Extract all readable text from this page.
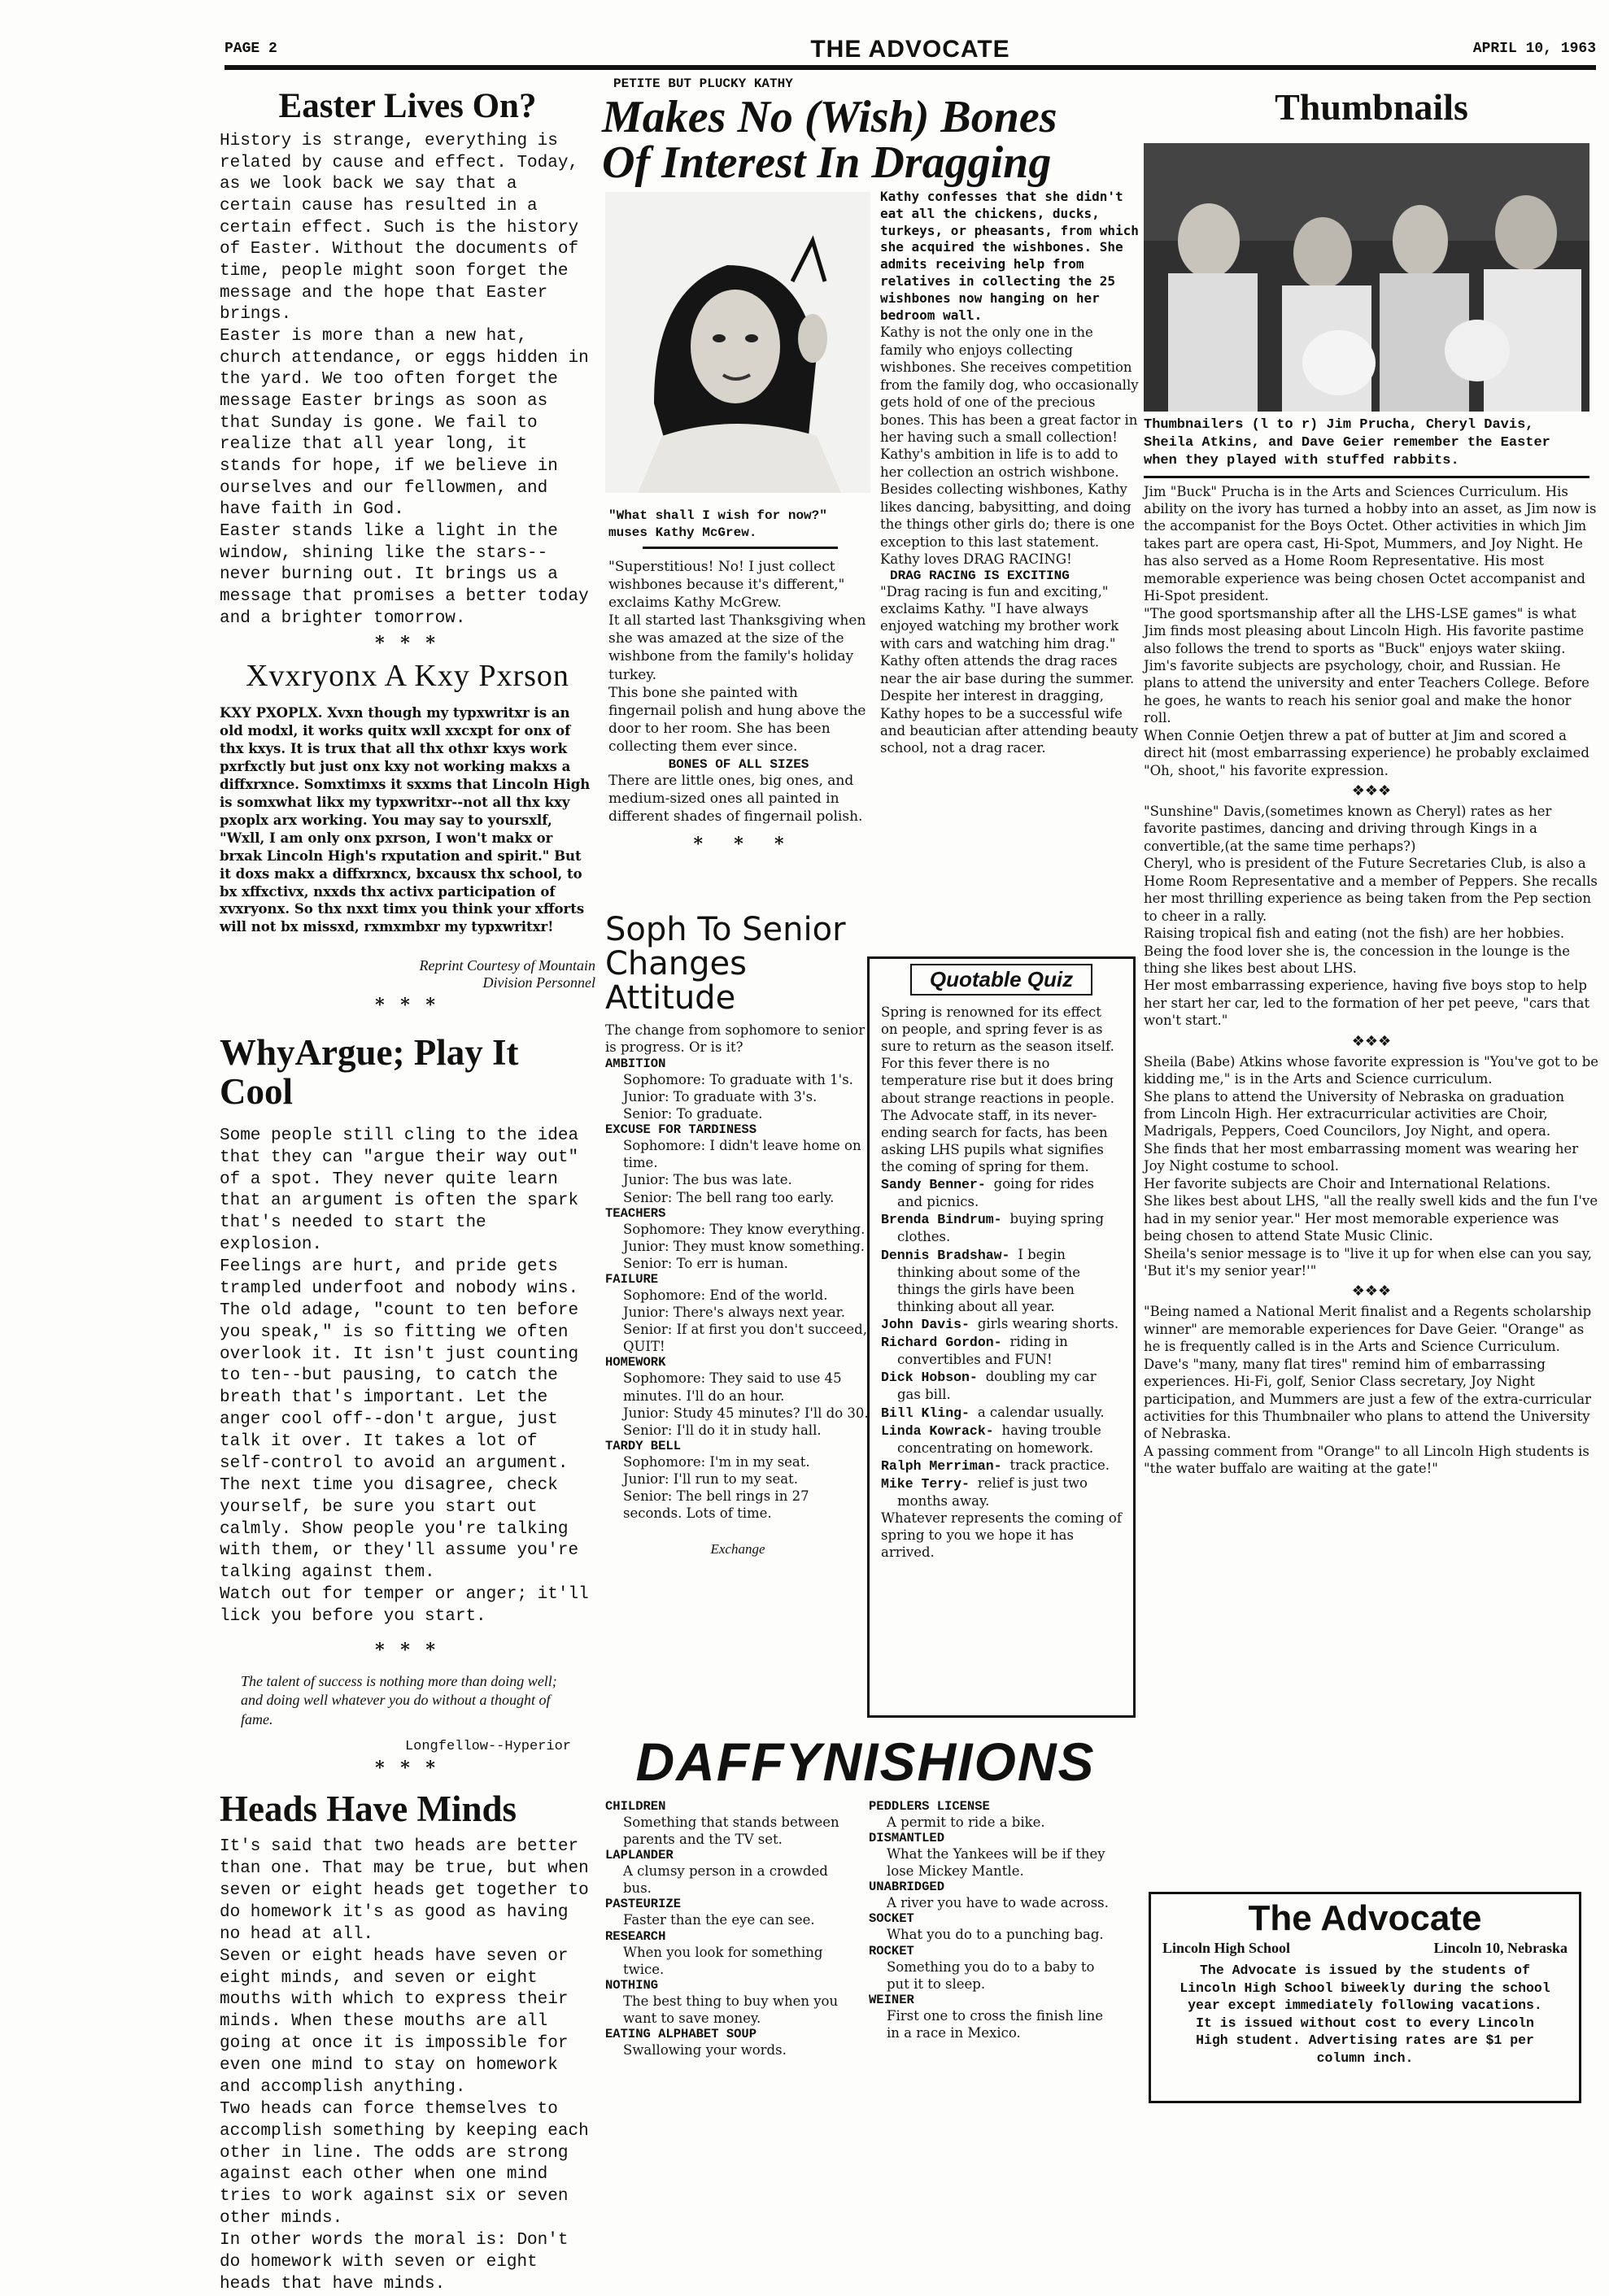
PAGE 2	THE ADVOCATE	APRIL 10, 1963
Easter Lives On?

History is strange, everything is related by cause and effect. Today, as we look back we say that a certain cause has resulted in a certain effect. Such is the history of Easter. Without the documents of time, people might soon forget the message and the hope that Easter brings.
Easter is more than a new hat, church attendance, or eggs hidden in the yard. We too often forget the message Easter brings as soon as that Sunday is gone. We fail to realize that all year long, it stands for hope, if we believe in ourselves and our fellowmen, and have faith in God.
Easter stands like a light in the window, shining like the stars--never burning out. It brings us a message that promises a better today and a brighter tomorrow.

* * *
Xvxryonx A Kxy Pxrson

KXY PXOPLX. Xvxn though my typxwritxr is an old modxl, it works quitx wxll xxcxpt for onx of thx kxys. It is trux that all thx othxr kxys work pxrfxctly but just onx kxy not working makxs a diffxrxnce. Somxtimxs it sxxms that Lincoln High is somxwhat likx my typxwritxr--not all thx kxy pxoplx arx working. You may say to yoursxlf, "Wxll, I am only onx pxrson, I won't makx or brxak Lincoln High's rxputation and spirit." But it doxs makx a diffxrxncx, bxcausx thx school, to bx xffxctivx, nxxds thx activx participation of xvxryonx. So thx nxxt timx you think your xfforts will not bx missxd, rxmxmbxr my typxwritxr!

Reprint Courtesy of Mountain
Division Personnel
* * *
WhyArgue; Play It Cool

Some people still cling to the idea that they can "argue their way out" of a spot. They never quite learn that an argument is often the spark that's needed to start the explosion.
Feelings are hurt, and pride gets trampled underfoot and nobody wins.
The old adage, "count to ten before you speak," is so fitting we often overlook it. It isn't just counting to ten--but pausing, to catch the breath that's important. Let the anger cool off--don't argue, just talk it over. It takes a lot of self-control to avoid an argument.
The next time you disagree, check yourself, be sure you start out calmly. Show people you're talking with them, or they'll assume you're talking against them.
Watch out for temper or anger; it'll lick you before you start.

* * *

The talent of success is nothing more than doing well; and doing well whatever you do without a thought of fame.

Longfellow--Hyperior
* * *
Heads Have Minds

It's said that two heads are better than one. That may be true, but when seven or eight heads get together to do homework it's as good as having no head at all.
Seven or eight heads have seven or eight minds, and seven or eight mouths with which to express their minds. When these mouths are all going at once it is impossible for even one mind to stay on homework and accomplish anything.
Two heads can force themselves to accomplish something by keeping each other in line. The odds are strong against each other when one mind tries to work against six or seven other minds.
In other words the moral is: Don't do homework with seven or eight heads that have minds.

PETITE BUT PLUCKY KATHY
Makes No (Wish) Bones
Of Interest In Dragging

"What shall I wish for now?" muses Kathy McGrew.

"Superstitious! No! I just collect wishbones because it's different," exclaims Kathy McGrew.
It all started last Thanksgiving when she was amazed at the size of the wishbone from the family's holiday turkey.
This bone she painted with fingernail polish and hung above the door to her room. She has been collecting them ever since.

BONES OF ALL SIZES

There are little ones, big ones, and medium-sized ones all painted in different shades of fingernail polish.

*     *     *

Kathy confesses that she didn't eat all the chickens, ducks, turkeys, or pheasants, from which she acquired the wishbones. She admits receiving help from relatives in collecting the 25 wishbones now hanging on her bedroom wall.

Kathy is not the only one in the family who enjoys collecting wishbones. She receives competition from the family dog, who occasionally gets hold of one of the precious bones. This has been a great factor in her having such a small collection!
Kathy's ambition in life is to add to her collection an ostrich wishbone.
Besides collecting wishbones, Kathy likes dancing, babysitting, and doing the things other girls do; there is one exception to this last statement. Kathy loves DRAG RACING!

DRAG RACING IS EXCITING

"Drag racing is fun and exciting," exclaims Kathy. "I have always enjoyed watching my brother work with cars and watching him drag."
Kathy often attends the drag races near the air base during the summer.
Despite her interest in dragging, Kathy hopes to be a successful wife and beautician after attending beauty school, not a drag racer.

Soph To Senior
Changes Attitude

The change from sophomore to senior is progress. Or is it?

AMBITION

Sophomore: To graduate with 1's.

Junior: To graduate with 3's.

Senior: To graduate.

EXCUSE FOR TARDINESS

Sophomore: I didn't leave home on time.

Junior: The bus was late.

Senior: The bell rang too early.

TEACHERS

Sophomore: They know everything.

Junior: They must know something.

Senior: To err is human.

FAILURE

Sophomore: End of the world.

Junior: There's always next year.

Senior: If at first you don't succeed, QUIT!

HOMEWORK

Sophomore: They said to use 45 minutes. I'll do an hour.

Junior: Study 45 minutes? I'll do 30.

Senior: I'll do it in study hall.

TARDY BELL

Sophomore: I'm in my seat.

Junior: I'll run to my seat.

Senior: The bell rings in 27 seconds. Lots of time.

Exchange
Quotable Quiz

Spring is renowned for its effect on people, and spring fever is as sure to return as the season itself. For this fever there is no temperature rise but it does bring about strange reactions in people.
The Advocate staff, in its never-ending search for facts, has been asking LHS pupils what signifies the coming of spring for them.

Sandy Benner- going for rides and picnics.

Brenda Bindrum- buying spring clothes.

Dennis Bradshaw- I begin thinking about some of the things the girls have been thinking about all year.

John Davis- girls wearing shorts.

Richard Gordon- riding in convertibles and FUN!

Dick Hobson- doubling my car gas bill.

Bill Kling- a calendar usually.

Linda Kowrack- having trouble concentrating on homework.

Ralph Merriman- track practice.

Mike Terry- relief is just two months away.

Whatever represents the coming of spring to you we hope it has arrived.

Thumbnails

Thumbnailers (l to r) Jim Prucha, Cheryl Davis, Sheila Atkins, and Dave Geier remember the Easter when they played with stuffed rabbits.

Jim "Buck" Prucha is in the Arts and Sciences Curriculum. His ability on the ivory has turned a hobby into an asset, as Jim now is the accompanist for the Boys Octet. Other activities in which Jim takes part are opera cast, Hi-Spot, Mummers, and Joy Night. He has also served as a Home Room Representative. His most memorable experience was being chosen Octet accompanist and Hi-Spot president.
"The good sportsmanship after all the LHS-LSE games" is what Jim finds most pleasing about Lincoln High. His favorite pastime also follows the trend to sports as "Buck" enjoys water skiing.
Jim's favorite subjects are psychology, choir, and Russian. He plans to attend the university and enter Teachers College. Before he goes, he wants to reach his senior goal and make the honor roll.
When Connie Oetjen threw a pat of butter at Jim and scored a direct hit (most embarrassing experience) he probably exclaimed "Oh, shoot," his favorite expression.

❖❖❖

"Sunshine" Davis,(sometimes known as Cheryl) rates as her favorite pastimes, dancing and driving through Kings in a convertible,(at the same time perhaps?)
Cheryl, who is president of the Future Secretaries Club, is also a Home Room Representative and a member of Peppers. She recalls her most thrilling experience as being taken from the Pep section to cheer in a rally.
Raising tropical fish and eating (not the fish) are her hobbies. Being the food lover she is, the concession in the lounge is the thing she likes best about LHS.
Her most embarrassing experience, having five boys stop to help her start her car, led to the formation of her pet peeve, "cars that won't start."

❖❖❖

Sheila (Babe) Atkins whose favorite expression is "You've got to be kidding me," is in the Arts and Science curriculum.
She plans to attend the University of Nebraska on graduation from Lincoln High. Her extracurricular activities are Choir, Madrigals, Peppers, Coed Councilors, Joy Night, and opera.
She finds that her most embarrassing moment was wearing her Joy Night costume to school.
Her favorite subjects are Choir and International Relations.
She likes best about LHS, "all the really swell kids and the fun I've had in my senior year." Her most memorable experience was being chosen to attend State Music Clinic.
Sheila's senior message is to "live it up for when else can you say, 'But it's my senior year!'"

❖❖❖

"Being named a National Merit finalist and a Regents scholarship winner" are memorable experiences for Dave Geier. "Orange" as he is frequently called is in the Arts and Science Curriculum.
Dave's "many, many flat tires" remind him of embarrassing experiences. Hi-Fi, golf, Senior Class secretary, Joy Night participation, and Mummers are just a few of the extra-curricular activities for this Thumbnailer who plans to attend the University of Nebraska.
A passing comment from "Orange" to all Lincoln High students is "the water buffalo are waiting at the gate!"

DAFFYNISHIONS
CHILDREN

Something that stands between parents and the TV set.

LAPLANDER

A clumsy person in a crowded bus.

PASTEURIZE

Faster than the eye can see.

RESEARCH

When you look for something twice.

NOTHING

The best thing to buy when you want to save money.

EATING ALPHABET SOUP

Swallowing your words.

PEDDLERS LICENSE

A permit to ride a bike.

DISMANTLED

What the Yankees will be if they lose Mickey Mantle.

UNABRIDGED

A river you have to wade across.

SOCKET

What you do to a punching bag.

ROCKET

Something you do to a baby to put it to sleep.

WEINER

First one to cross the finish line in a race in Mexico.

The Advocate
Lincoln High School	Lincoln 10, Nebraska

The Advocate is issued by the students of Lincoln High School biweekly during the school year except immediately following vacations. It is issued without cost to every Lincoln High student. Advertising rates are $1 per column inch.
